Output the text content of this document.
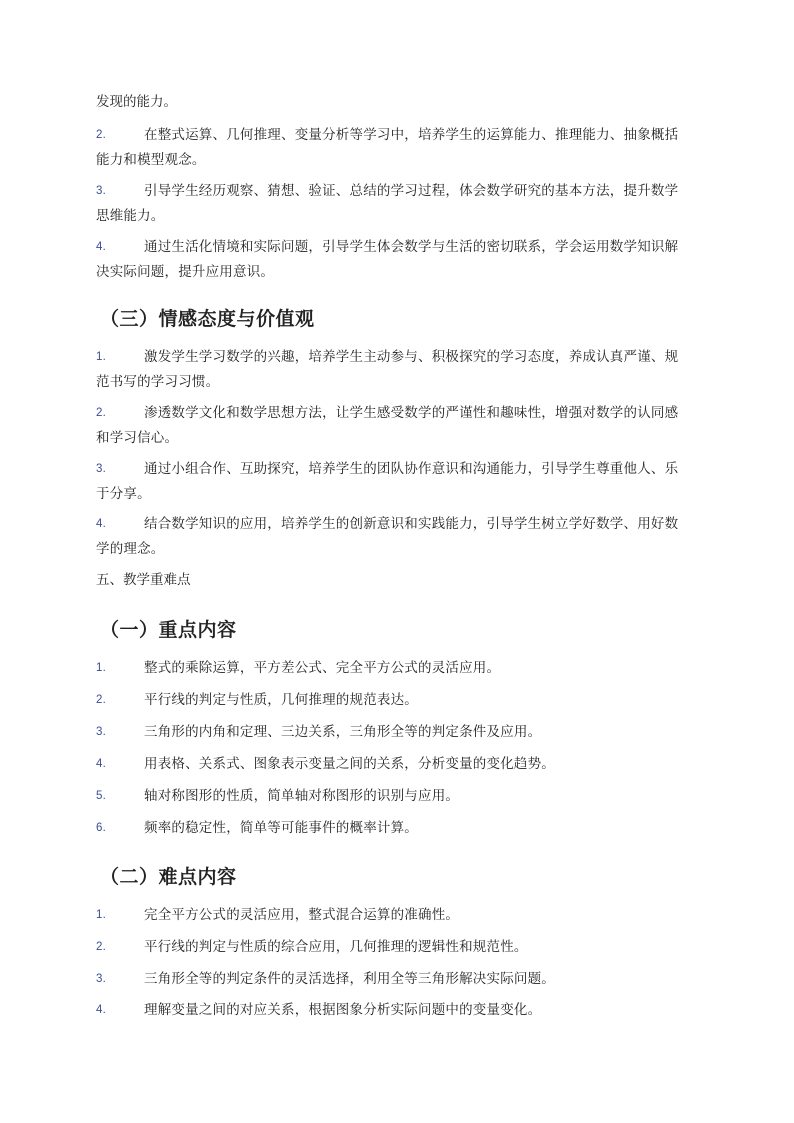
发现的能力。
2.	在整式运算、几何推理、变量分析等学习中，培养学生的运算能力、推理能力、抽象概括能力和模型观念。
3.	引导学生经历观察、猜想、验证、总结的学习过程，体会数学研究的基本方法，提升数学思维能力。
4.	通过生活化情境和实际问题，引导学生体会数学与生活的密切联系，学会运用数学知识解决实际问题，提升应用意识。
（三）情感态度与价值观
1.	激发学生学习数学的兴趣，培养学生主动参与、积极探究的学习态度，养成认真严谨、规范书写的学习习惯。
2.	渗透数学文化和数学思想方法，让学生感受数学的严谨性和趣味性，增强对数学的认同感和学习信心。
3.	通过小组合作、互助探究，培养学生的团队协作意识和沟通能力，引导学生尊重他人、乐于分享。
4.	结合数学知识的应用，培养学生的创新意识和实践能力，引导学生树立学好数学、用好数学的理念。
五、教学重难点
（一）重点内容
1.	整式的乘除运算，平方差公式、完全平方公式的灵活应用。
2.	平行线的判定与性质，几何推理的规范表达。
3.	三角形的内角和定理、三边关系，三角形全等的判定条件及应用。
4.	用表格、关系式、图象表示变量之间的关系，分析变量的变化趋势。
5.	轴对称图形的性质，简单轴对称图形的识别与应用。
6.	频率的稳定性，简单等可能事件的概率计算。
（二）难点内容
1.	完全平方公式的灵活应用，整式混合运算的准确性。
2.	平行线的判定与性质的综合应用，几何推理的逻辑性和规范性。
3.	三角形全等的判定条件的灵活选择，利用全等三角形解决实际问题。
4.	理解变量之间的对应关系，根据图象分析实际问题中的变量变化。
